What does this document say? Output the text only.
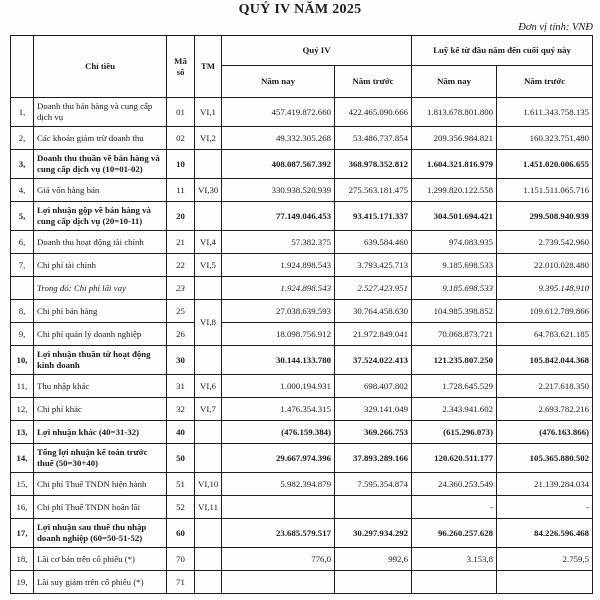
QUÝ IV NĂM 2025
Đơn vị tính: VNĐ
	Chỉ tiêu	Mã số	TM	Quý IV		Luỹ kế từ đầu năm đến cuối quý này	
				Năm nay	Năm trước	Năm nay	Năm trước
1,	Doanh thu bán hàng và cung cấp dịch vụ	01	VI,1	457.419.872.660	422.465.090.666	1.813.678.801.800	1.611.343.758.135
2,	Các khoản giảm trừ doanh thu	02	VI,2	49.332.305.268	53.486.737.854	209.356.984.821	160.323.751.480
3,	Doanh thu thuần về bán hàng và cung cấp dịch vụ (10=01-02)	10		408.087.567.392	368.978.352.812	1.604.321.816.979	1.451.020.006.655
4,	Giá vốn hàng bán	11	VI,30	330.938.520.939	275.563.181.475	1.299.820.122.558	1.151.511.065.716
5,	Lợi nhuận gộp về bán hàng và cung cấp dịch vụ (20=10-11)	20		77.149.046.453	93.415.171.337	304.501.694.421	299.508.940.939
6,	Doanh thu hoạt động tài chính	21	VI,4	57.382.375	639.584.460	974.083.935	2.739.542.960
7,	Chi phí tài chính	22	VI,5	1.924.898.543	3.793.425.713	9.185.698.533	22.010.028.480
	Trong đó: Chi phí lãi vay	23		1.924.898.543	2.527.423.951	9.185.698.533	9.395.148.910
8,	Chi phí bán hàng	25	VI,8	27.038.639.593	30.764.458.630	104.985.398.852	109.612.789.866
9,	Chi phí quản lý doanh nghiệp	26		18.098.756.912	21.972.849.041	70.068.873.721	64.783.621.185
10,	Lợi nhuận thuần từ hoạt động kinh doanh	30		30.144.133.780	37.524.022.413	121.235.807.250	105.842.044.368
11,	Thu nhập khác	31	VI,6	1.000.194.931	698.407.802	1.728.645.529	2.217.618.350
12,	Chi phí khác	32	VI,7	1.476.354.315	329.141.049	2.343.941.602	2.693.782.216
13,	Lợi nhuận khác (40=31-32)	40		(476.159.384)	369.266.753	(615.296.073)	(476.163.866)
14,	Tổng lợi nhuận kế toán trước thuế (50=30+40)	50		29.667.974.396	37.893.289.166	120.620.511.177	105.365.880.502
15,	Chi phí Thuế TNDN hiện hành	51	VI,10	5.982.394.879	7.595.354.874	24.360.253.549	21.139.284.034
16,	Chi phí Thuế TNDN hoãn lãi	52	VI,11			-	-
17,	Lợi nhuận sau thuế thu nhập doanh nghiệp (60=50-51-52)	60		23.685.579.517	30.297.934.292	96.260.257.628	84.226.596.468
18,	Lãi cơ bản trên cổ phiếu (*)	70		776,0	992,6	3.153,8	2.759,5
19,	Lãi suy giảm trên cổ phiếu (*)	71					
